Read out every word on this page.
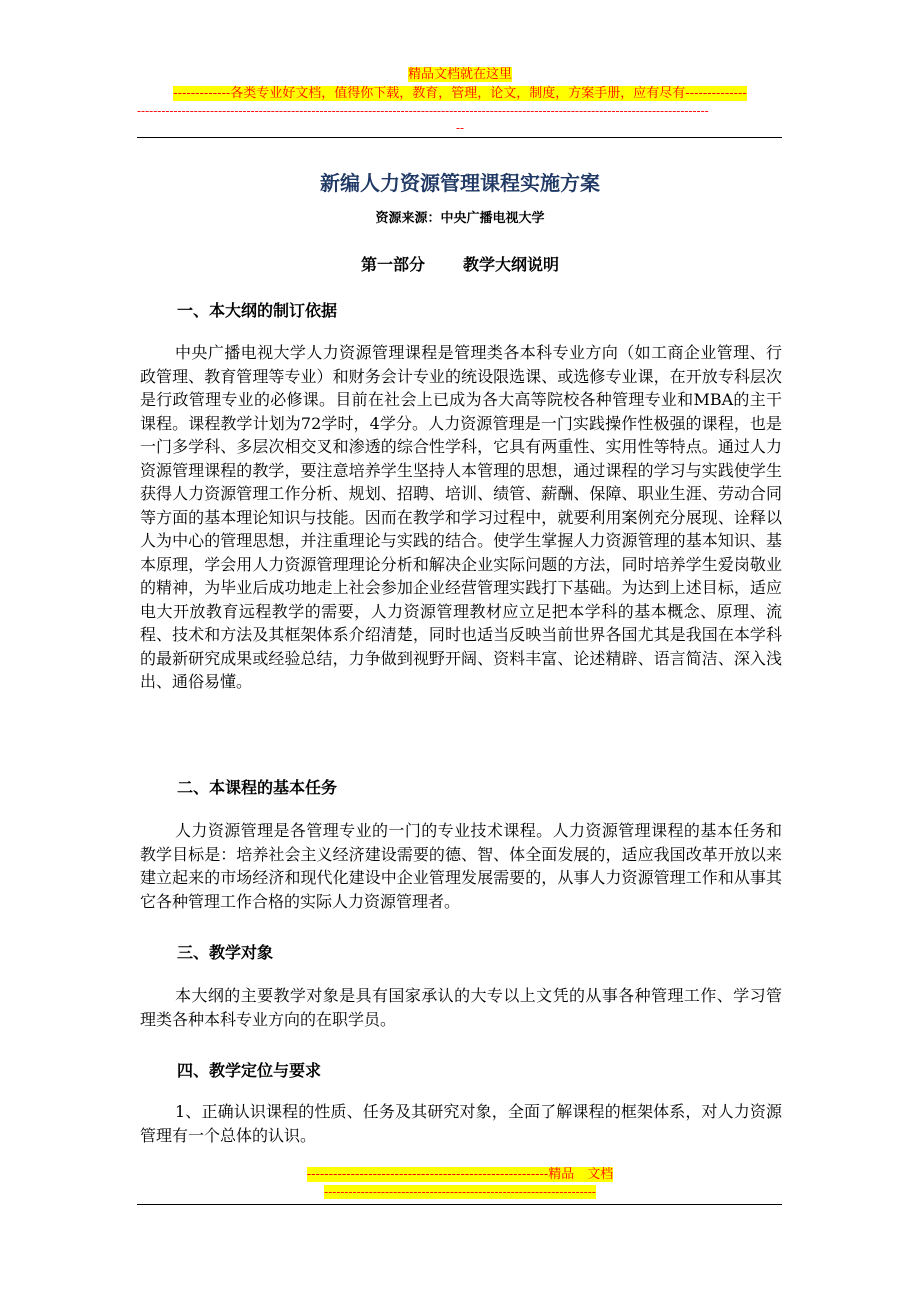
精品文档就在这里
-------------各类专业好文档，值得你下载，教育，管理，论文，制度，方案手册，应有尽有--------------
---------------------------------------------------------------------------------------------------------------------------------------------
--
新编人力资源管理课程实施方案
资源来源：中央广播电视大学
第一部分 教学大纲说明
一、本大纲的制订依据
中央广播电视大学人力资源管理课程是管理类各本科专业方向（如工商企业管理、行政管理、教育管理等专业）和财务会计专业的统设限选课、或选修专业课，在开放专科层次是行政管理专业的必修课。目前在社会上已成为各大高等院校各种管理专业和MBA的主干课程。课程教学计划为72学时，4学分。人力资源管理是一门实践操作性极强的课程，也是一门多学科、多层次相交叉和渗透的综合性学科，它具有两重性、实用性等特点。通过人力资源管理课程的教学，要注意培养学生坚持人本管理的思想，通过课程的学习与实践使学生获得人力资源管理工作分析、规划、招聘、培训、绩管、薪酬、保障、职业生涯、劳动合同等方面的基本理论知识与技能。因而在教学和学习过程中，就要利用案例充分展现、诠释以人为中心的管理思想，并注重理论与实践的结合。使学生掌握人力资源管理的基本知识、基本原理，学会用人力资源管理理论分析和解决企业实际问题的方法，同时培养学生爱岗敬业的精神，为毕业后成功地走上社会参加企业经营管理实践打下基础。为达到上述目标，适应电大开放教育远程教学的需要，人力资源管理教材应立足把本学科的基本概念、原理、流程、技术和方法及其框架体系介绍清楚，同时也适当反映当前世界各国尤其是我国在本学科的最新研究成果或经验总结，力争做到视野开阔、资料丰富、论述精辟、语言简洁、深入浅出、通俗易懂。
二、本课程的基本任务
人力资源管理是各管理专业的一门的专业技术课程。人力资源管理课程的基本任务和教学目标是：培养社会主义经济建设需要的德、智、体全面发展的，适应我国改革开放以来建立起来的市场经济和现代化建设中企业管理发展需要的，从事人力资源管理工作和从事其它各种管理工作合格的实际人力资源管理者。
三、教学对象
本大纲的主要教学对象是具有国家承认的大专以上文凭的从事各种管理工作、学习管理类各种本科专业方向的在职学员。
四、教学定位与要求
1、正确认识课程的性质、任务及其研究对象，全面了解课程的框架体系，对人力资源管理有一个总体的认识。
-------------------------------------------------------精品　文档
-------------------------------------------------------------------
